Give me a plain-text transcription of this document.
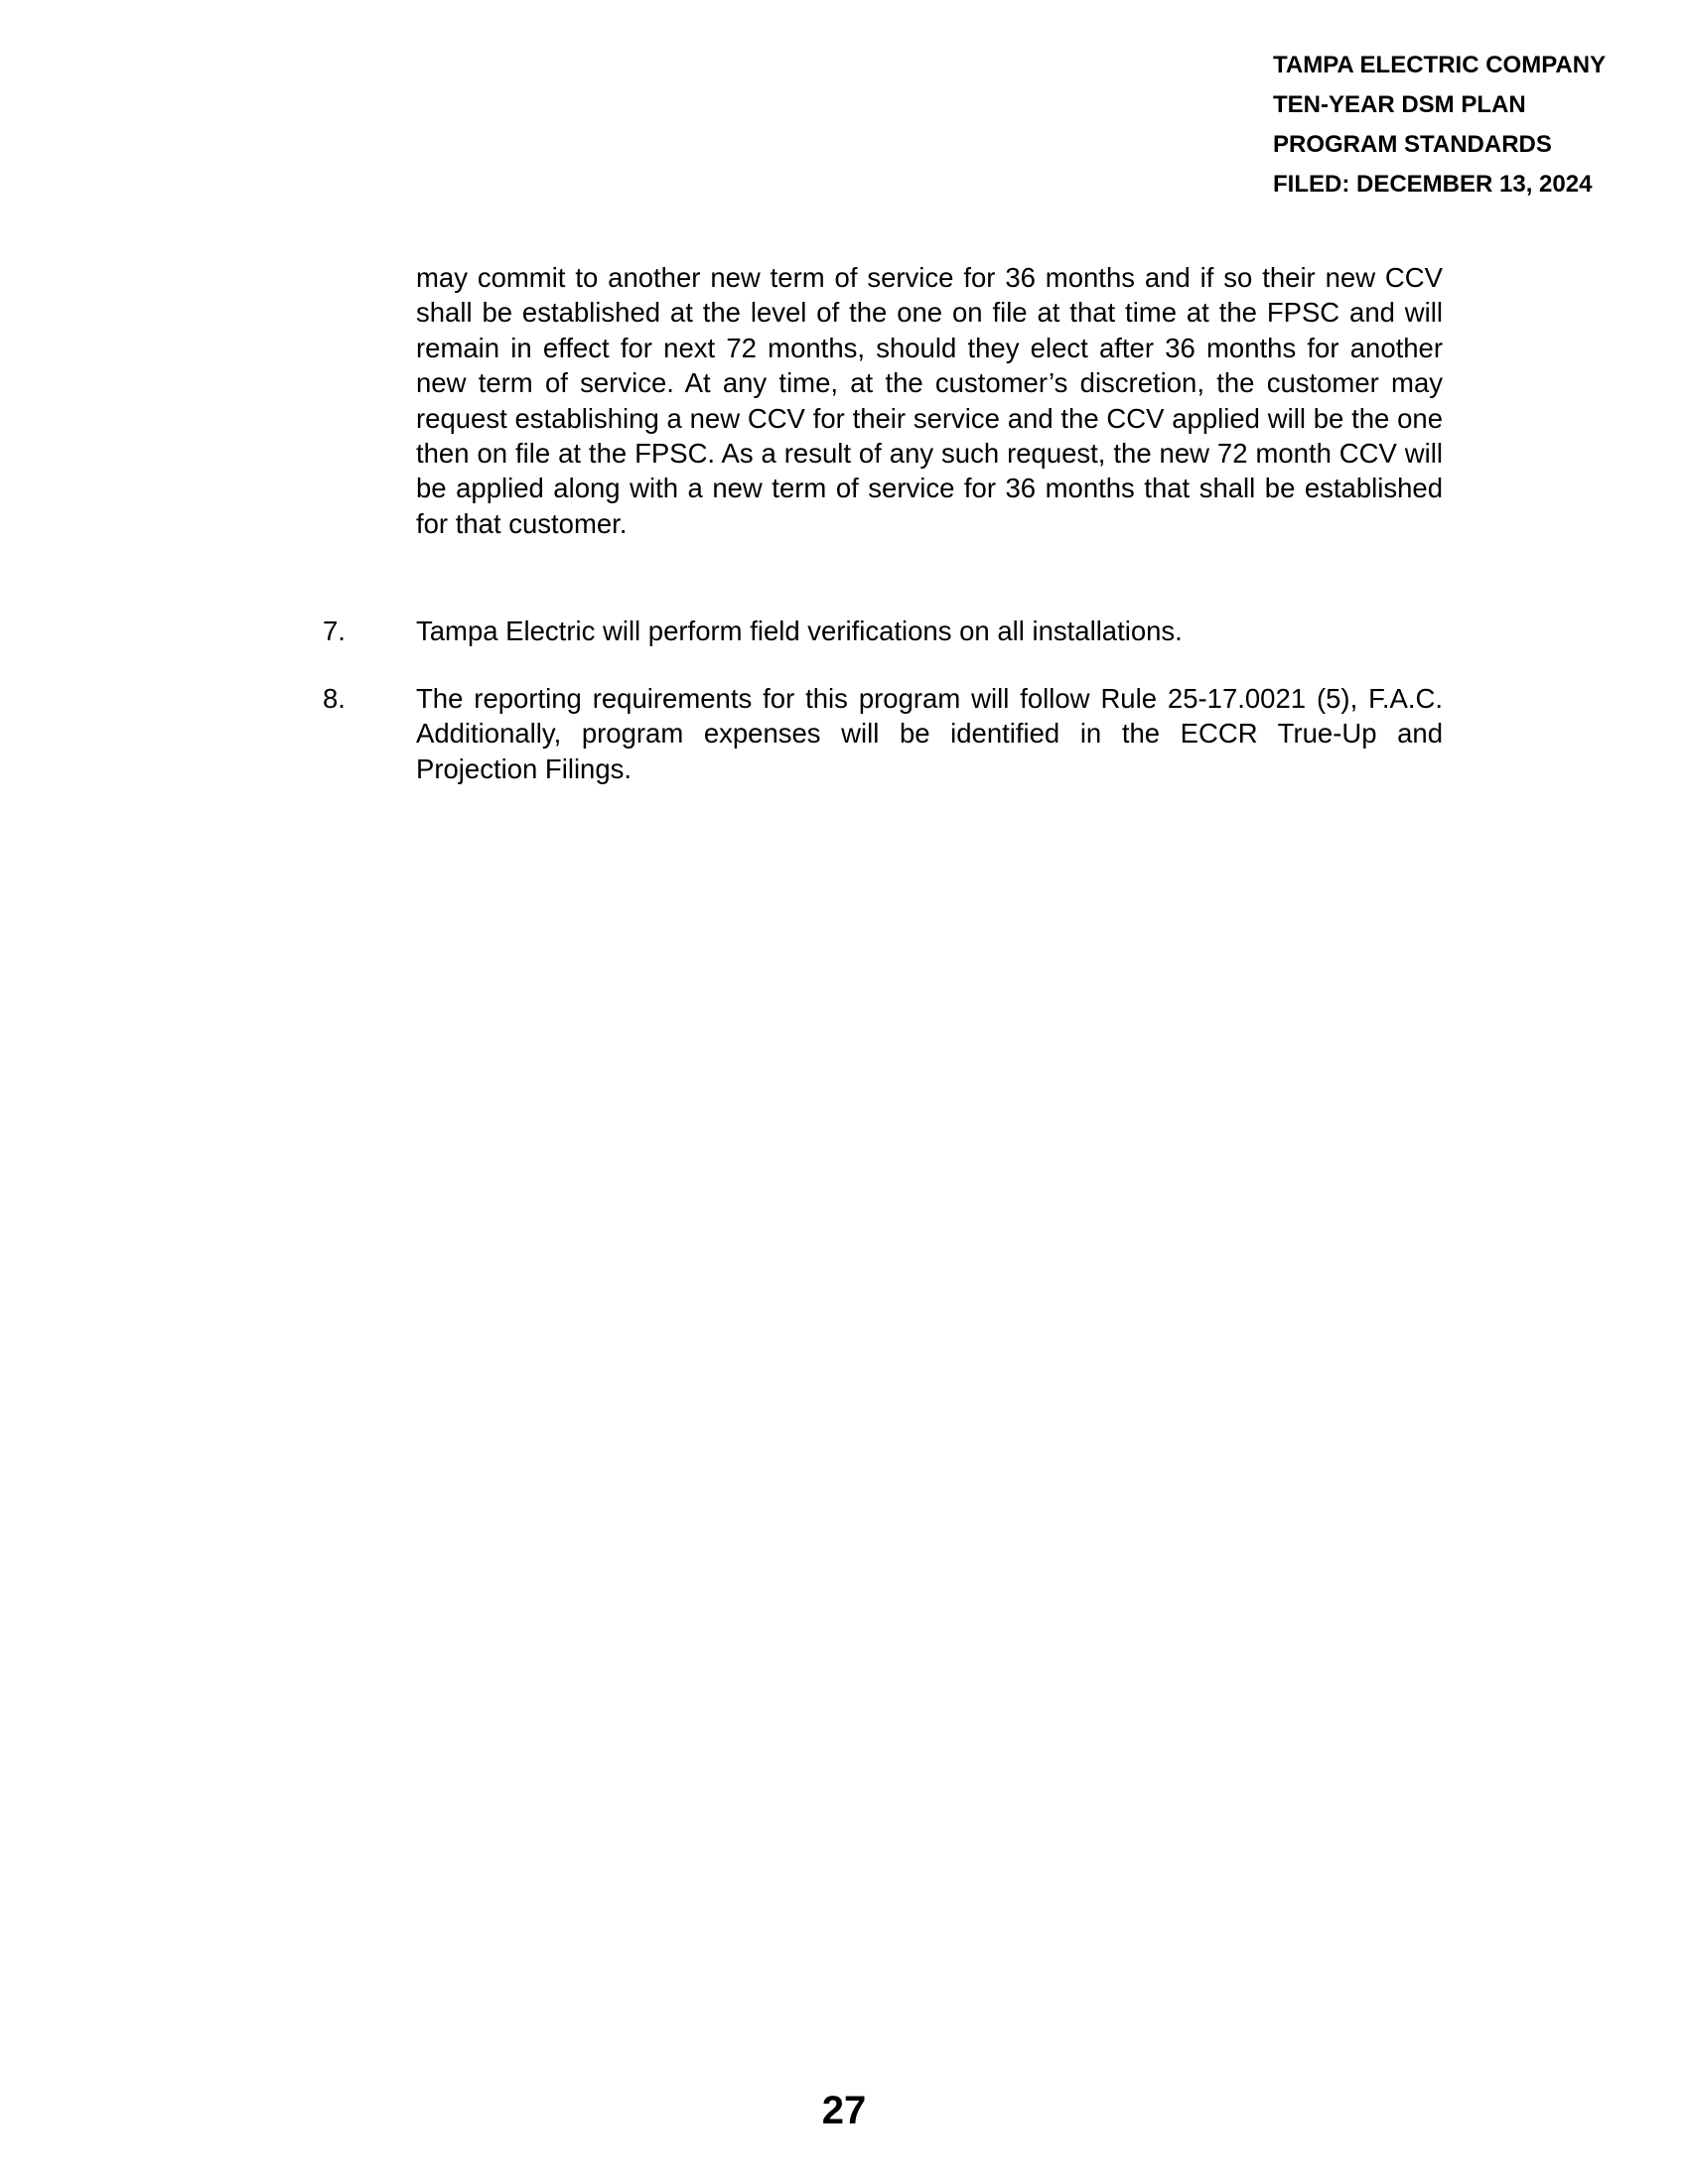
TAMPA ELECTRIC COMPANY
TEN-YEAR DSM PLAN
PROGRAM STANDARDS
FILED: DECEMBER 13, 2024

may commit to another new term of service for 36 months and if so their new CCV shall be established at the level of the one on file at that time at the FPSC and will remain in effect for next 72 months, should they elect after 36 months for another new term of service. At any time, at the customer’s discretion, the customer may request establishing a new CCV for their service and the CCV applied will be the one then on file at the FPSC. As a result of any such request, the new 72 month CCV will be applied along with a new term of service for 36 months that shall be established for that customer.

7.	Tampa Electric will perform field verifications on all installations.
8.	The reporting requirements for this program will follow Rule 25-17.0021 (5), F.A.C. Additionally, program expenses will be identified in the ECCR True-Up and Projection Filings.
27
